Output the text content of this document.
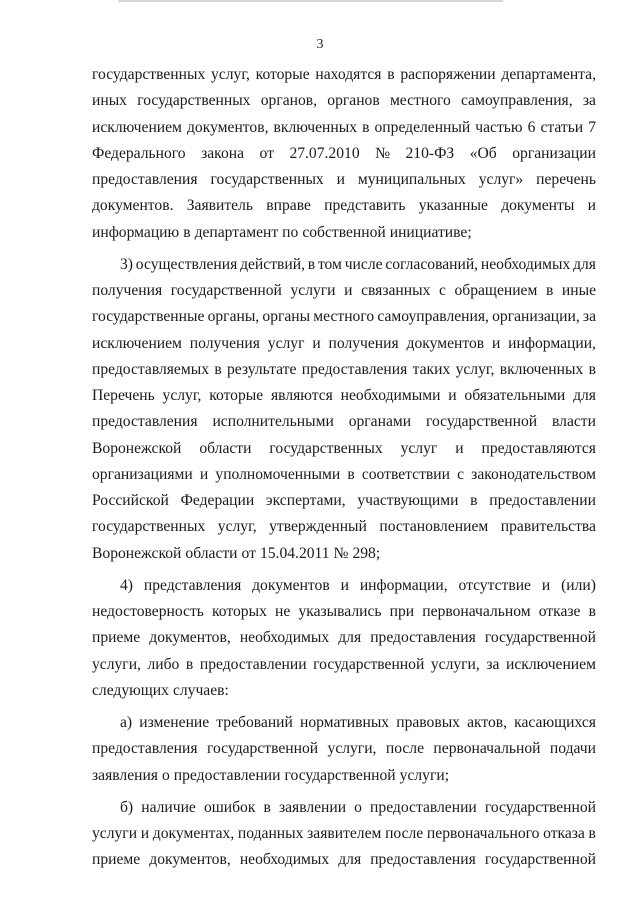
3
государственных услуг, которые находятся в распоряжении департамента,
иных государственных органов, органов местного самоуправления, за
исключением документов, включенных в определенный частью 6 статьи 7
Федерального закона от 27.07.2010 № 210-ФЗ «Об организации
предоставления государственных и муниципальных услуг» перечень
документов. Заявитель вправе представить указанные документы и
информацию в департамент по собственной инициативе;
3) осуществления действий, в том числе согласований, необходимых для
получения государственной услуги и связанных с обращением в иные
государственные органы, органы местного самоуправления, организации, за
исключением получения услуг и получения документов и информации,
предоставляемых в результате предоставления таких услуг, включенных в
Перечень услуг, которые являются необходимыми и обязательными для
предоставления исполнительными органами государственной власти
Воронежской области государственных услуг и предоставляются
организациями и уполномоченными в соответствии с законодательством
Российской Федерации экспертами, участвующими в предоставлении
государственных услуг, утвержденный постановлением правительства
Воронежской области от 15.04.2011 № 298;
4) представления документов и информации, отсутствие и (или)
недостоверность которых не указывались при первоначальном отказе в
приеме документов, необходимых для предоставления государственной
услуги, либо в предоставлении государственной услуги, за исключением
следующих случаев:
а) изменение требований нормативных правовых актов, касающихся
предоставления государственной услуги, после первоначальной подачи
заявления о предоставлении государственной услуги;
б) наличие ошибок в заявлении о предоставлении государственной
услуги и документах, поданных заявителем после первоначального отказа в
приеме документов, необходимых для предоставления государственной
